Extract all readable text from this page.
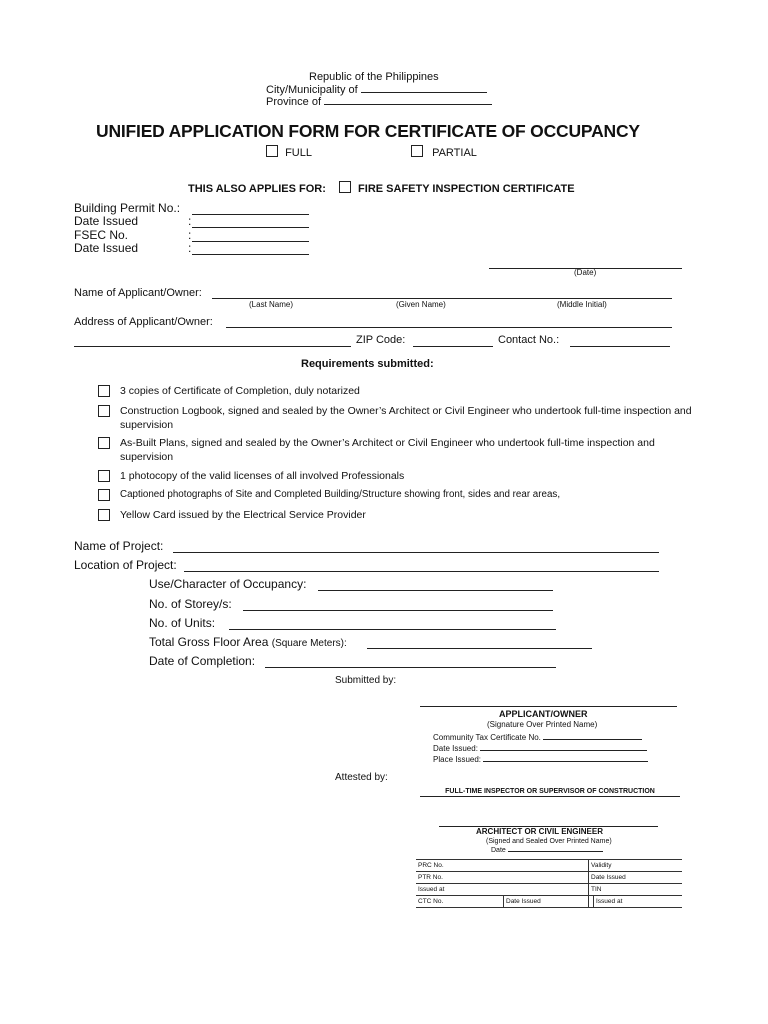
Republic of the Philippines
City/Municipality of
Province of
UNIFIED APPLICATION FORM FOR CERTIFICATE OF OCCUPANCY
FULL	PARTIAL
THIS ALSO APPLIES FOR:	FIRE SAFETY INSPECTION CERTIFICATE
Building Permit No.:
Date Issued	:
FSEC No.	:
Date Issued	:
(Date)
Name of Applicant/Owner:
(Last Name)	(Given Name)	(Middle Initial)
Address of Applicant/Owner:
ZIP Code:	Contact No.:
Requirements submitted:
3 copies of Certificate of Completion, duly notarized
Construction Logbook, signed and sealed by the Owner’s Architect or Civil Engineer who undertook full-time inspection and supervision
As-Built Plans, signed and sealed by the Owner’s Architect or Civil Engineer who undertook full-time inspection and supervision
1 photocopy of the valid licenses of all involved Professionals
Captioned photographs of Site and Completed Building/Structure showing front, sides and rear areas,
Yellow Card issued by the Electrical Service Provider
Name of Project:
Location of Project:
Use/Character of Occupancy:
No. of Storey/s:
No. of Units:
Total Gross Floor Area (Square Meters):
Date of Completion:
Submitted by:
APPLICANT/OWNER
(Signature Over Printed Name)
Community Tax Certificate No.
Date Issued:
Place Issued:
Attested by:
FULL-TIME INSPECTOR OR SUPERVISOR OF CONSTRUCTION
ARCHITECT OR CIVIL ENGINEER
(Signed and Sealed Over Printed Name)
Date
PRC No.		Validity	
PTR No.		Date Issued	
Issued at		TIN	
CTC No.	Date Issued		Issued at
